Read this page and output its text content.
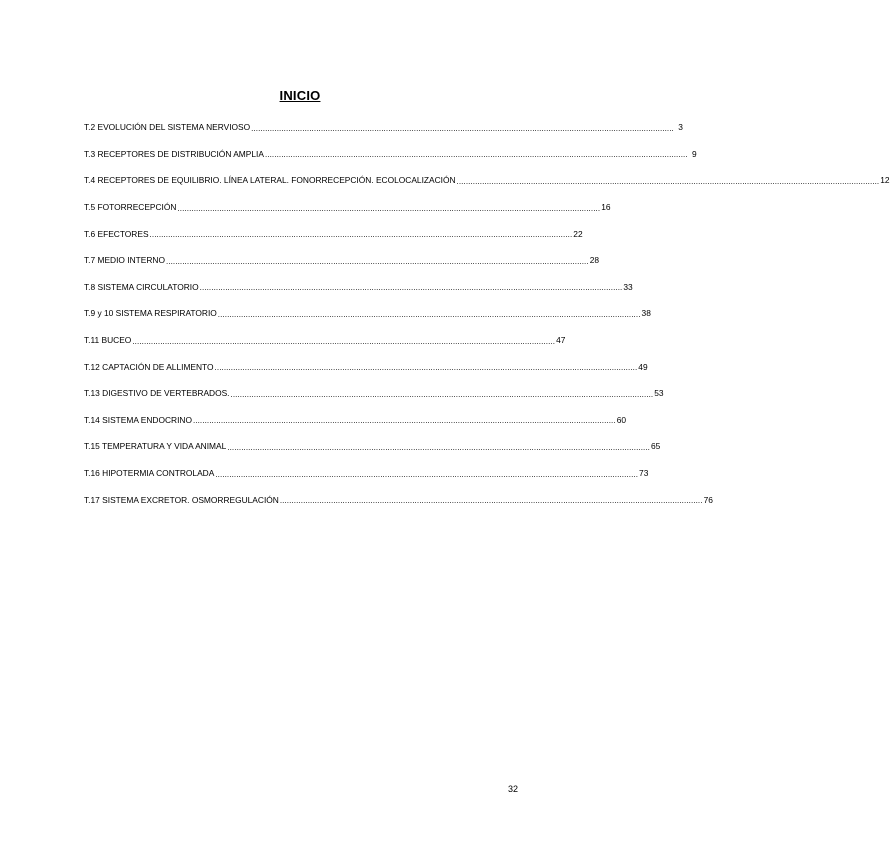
INICIO
T.2 EVOLUCIÓN DEL SISTEMA NERVIOSO ...................................................................................................................................................................................... 3
T.3 RECEPTORES DE DISTRIBUCIÓN AMPLIA ...................................................................................................................................................................................... 9
T.4 RECEPTORES DE EQUILIBRIO. LÍNEA LATERAL. FONORRECEPCIÓN. ECOLOCALIZACIÓN ...................................................................................................................................................................................... 12
T.5 FOTORRECEPCIÓN ...................................................................................................................................................................................... 16
T.6 EFECTORES ...................................................................................................................................................................................... 22
T.7 MEDIO INTERNO ...................................................................................................................................................................................... 28
T.8 SISTEMA CIRCULATORIO ...................................................................................................................................................................................... 33
T.9 y 10 SISTEMA RESPIRATORIO ...................................................................................................................................................................................... 38
T.11 BUCEO ...................................................................................................................................................................................... 47
T.12 CAPTACIÓN DE ALLIMENTO ...................................................................................................................................................................................... 49
T.13 DIGESTIVO DE VERTEBRADOS. ...................................................................................................................................................................................... 53
T.14 SISTEMA ENDOCRINO ...................................................................................................................................................................................... 60
T.15 TEMPERATURA Y VIDA ANIMAL ...................................................................................................................................................................................... 65
T.16 HIPOTERMIA CONTROLADA ...................................................................................................................................................................................... 73
T.17 SISTEMA EXCRETOR. OSMORREGULACIÓN ...................................................................................................................................................................................... 76
32
